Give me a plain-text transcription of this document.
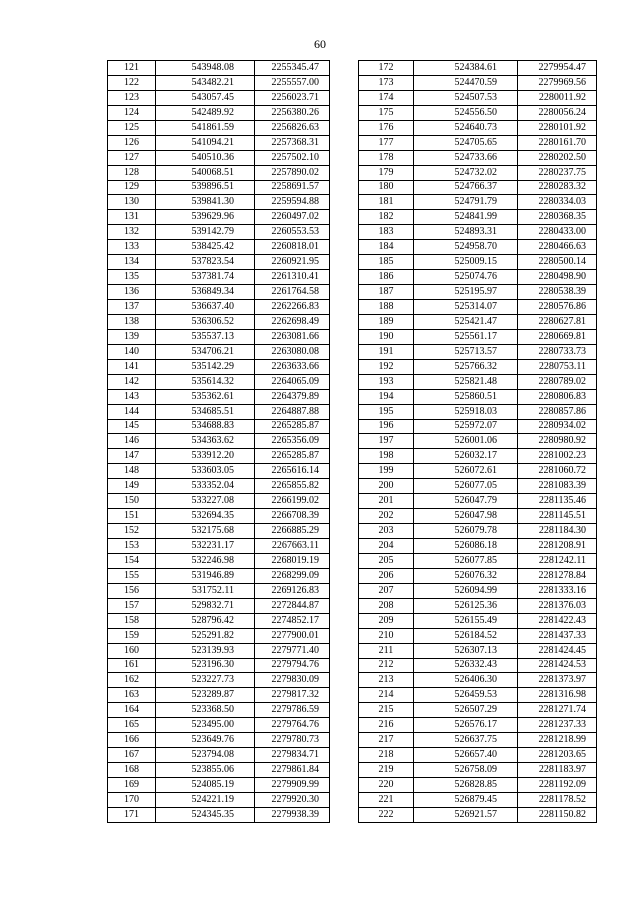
60
121	543948.08	2255345.47
122	543482.21	2255557.00
123	543057.45	2256023.71
124	542489.92	2256380.26
125	541861.59	2256826.63
126	541094.21	2257368.31
127	540510.36	2257502.10
128	540068.51	2257890.02
129	539896.51	2258691.57
130	539841.30	2259594.88
131	539629.96	2260497.02
132	539142.79	2260553.53
133	538425.42	2260818.01
134	537823.54	2260921.95
135	537381.74	2261310.41
136	536849.34	2261764.58
137	536637.40	2262266.83
138	536306.52	2262698.49
139	535537.13	2263081.66
140	534706.21	2263080.08
141	535142.29	2263633.66
142	535614.32	2264065.09
143	535362.61	2264379.89
144	534685.51	2264887.88
145	534688.83	2265285.87
146	534363.62	2265356.09
147	533912.20	2265285.87
148	533603.05	2265616.14
149	533352.04	2265855.82
150	533227.08	2266199.02
151	532694.35	2266708.39
152	532175.68	2266885.29
153	532231.17	2267663.11
154	532246.98	2268019.19
155	531946.89	2268299.09
156	531752.11	2269126.83
157	529832.71	2272844.87
158	528796.42	2274852.17
159	525291.82	2277900.01
160	523139.93	2279771.40
161	523196.30	2279794.76
162	523227.73	2279830.09
163	523289.87	2279817.32
164	523368.50	2279786.59
165	523495.00	2279764.76
166	523649.76	2279780.73
167	523794.08	2279834.71
168	523855.06	2279861.84
169	524085.19	2279909.99
170	524221.19	2279920.30
171	524345.35	2279938.39
172	524384.61	2279954.47
173	524470.59	2279969.56
174	524507.53	2280011.92
175	524556.50	2280056.24
176	524640.73	2280101.92
177	524705.65	2280161.70
178	524733.66	2280202.50
179	524732.02	2280237.75
180	524766.37	2280283.32
181	524791.79	2280334.03
182	524841.99	2280368.35
183	524893.31	2280433.00
184	524958.70	2280466.63
185	525009.15	2280500.14
186	525074.76	2280498.90
187	525195.97	2280538.39
188	525314.07	2280576.86
189	525421.47	2280627.81
190	525561.17	2280669.81
191	525713.57	2280733.73
192	525766.32	2280753.11
193	525821.48	2280789.02
194	525860.51	2280806.83
195	525918.03	2280857.86
196	525972.07	2280934.02
197	526001.06	2280980.92
198	526032.17	2281002.23
199	526072.61	2281060.72
200	526077.05	2281083.39
201	526047.79	2281135.46
202	526047.98	2281145.51
203	526079.78	2281184.30
204	526086.18	2281208.91
205	526077.85	2281242.11
206	526076.32	2281278.84
207	526094.99	2281333.16
208	526125.36	2281376.03
209	526155.49	2281422.43
210	526184.52	2281437.33
211	526307.13	2281424.45
212	526332.43	2281424.53
213	526406.30	2281373.97
214	526459.53	2281316.98
215	526507.29	2281271.74
216	526576.17	2281237.33
217	526637.75	2281218.99
218	526657.40	2281203.65
219	526758.09	2281183.97
220	526828.85	2281192.09
221	526879.45	2281178.52
222	526921.57	2281150.82
